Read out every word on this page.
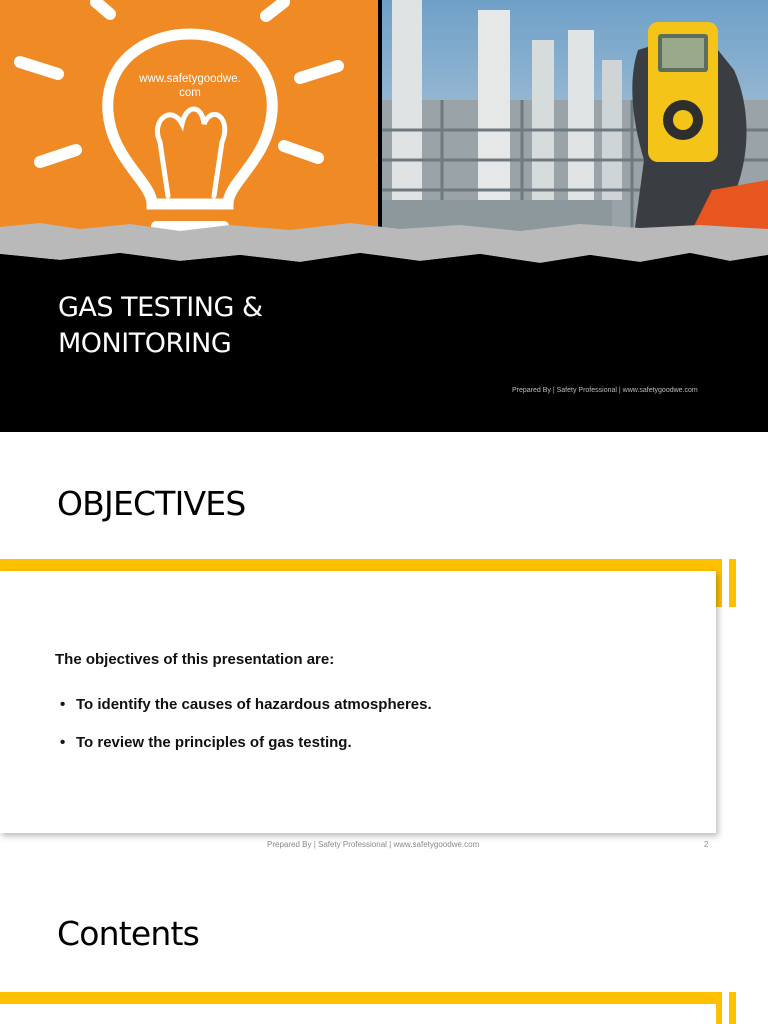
www.safetygoodwe.
com
GAS TESTING &
MONITORING
Prepared By | Safety Professional | www.safetygoodwe.com
OBJECTIVES
The objectives of this presentation are:
• To identify the causes of hazardous atmospheres.
• To review the principles of gas testing.
Prepared By | Safety Professional | www.safetygoodwe.com	2
Contents
